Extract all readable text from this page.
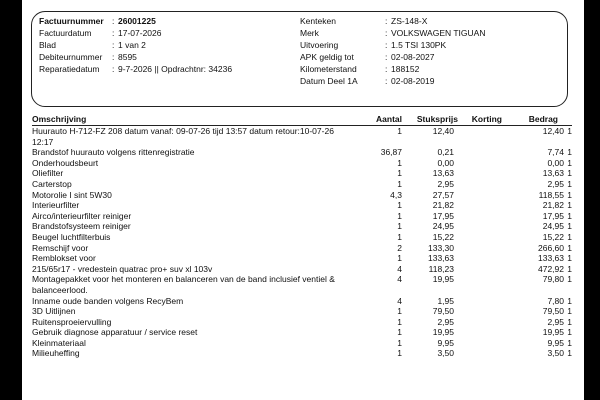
Factuurnummer : 26001225
Factuurdatum : 17-07-2026
Blad	: 1 van 2
Debiteurnummer : 8595
Reparatiedatum : 9-7-2026 || Opdrachtnr: 34236
Kenteken	: ZS-148-X
Merk	: VOLKSWAGEN TIGUAN
Uitvoering	: 1.5 TSI 130PK
APK geldig tot	: 02-08-2027
Kilometerstand	: 188152
Datum Deel 1A	: 02-08-2019
Omschrijving	Aantal Stuksprijs Korting	Bedrag
Huurauto H-712-FZ 208 datum vanaf: 09-07-26 tijd 13:57 datum retour:10-07-26 12:17
1	12,40	12,40 1
Brandstof huurauto volgens rittenregistratie	36,87	0,21	7,74 1
Onderhoudsbeurt	1	0,00	0,00 1
Oliefilter	1	13,63	13,63 1
Carterstop	1	2,95	2,95 1
Motorolie I sint 5W30	4,3	27,57	118,55 1
Interieurfilter	1	21,82	21,82 1
Airco/interieurfilter reiniger	1	17,95	17,95 1
Brandstofsysteem reiniger	1	24,95	24,95 1
Beugel luchtfilterbuis	1	15,22	15,22 1
Remschijf voor	2	133,30	266,60 1
Remblokset voor	1	133,63	133,63 1
215/65r17 - vredestein quatrac pro+ suv xl 103v	4	118,23	472,92 1
Montagepakket voor het monteren en balanceren van de band inclusief ventiel & balanceerlood.
4	19,95	79,80 1
Inname oude banden volgens RecyBem	4	1,95	7,80 1
3D Uitlijnen	1	79,50	79,50 1
Ruitensproeiervulling	1	2,95	2,95 1
Gebruik diagnose apparatuur / service reset	1	19,95	19,95 1
Kleinmateriaal	1	9,95	9,95 1
Milieuheffing	1	3,50	3,50 1
